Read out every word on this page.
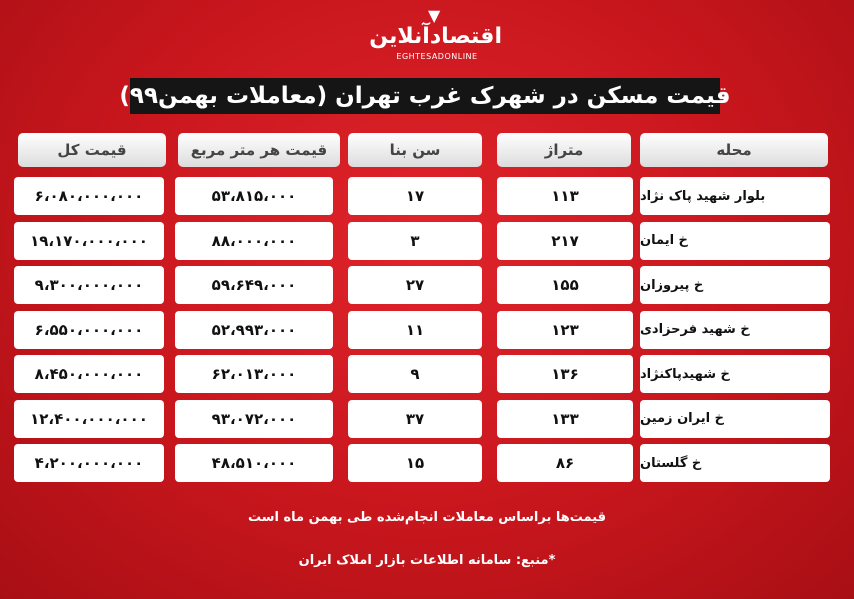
▼
اقتصادآنلاین
EGHTESADONLINE
قیمت مسکن در شهرک غرب تهران (معاملات بهمن۹۹)
محله
متراژ
سن بنا
قیمت هر متر مربع
قیمت کل
بلوار شهید پاک نژاد
۱۱۳
۱۷
۵۳،۸۱۵،۰۰۰
۶،۰۸۰،۰۰۰،۰۰۰
خ ایمان
۲۱۷
۳
۸۸،۰۰۰،۰۰۰
۱۹،۱۷۰،۰۰۰،۰۰۰
خ پیروزان
۱۵۵
۲۷
۵۹،۶۴۹،۰۰۰
۹،۳۰۰،۰۰۰،۰۰۰
خ شهید فرحزادی
۱۲۳
۱۱
۵۲،۹۹۳،۰۰۰
۶،۵۵۰،۰۰۰،۰۰۰
خ شهیدپاکنژاد
۱۳۶
۹
۶۲،۰۱۳،۰۰۰
۸،۴۵۰،۰۰۰،۰۰۰
خ ایران زمین
۱۳۳
۳۷
۹۳،۰۷۲،۰۰۰
۱۲،۴۰۰،۰۰۰،۰۰۰
خ گلستان
۸۶
۱۵
۴۸،۵۱۰،۰۰۰
۴،۲۰۰،۰۰۰،۰۰۰
قیمت‌ها براساس معاملات انجام‌شده طی بهمن ماه است
*منبع: سامانه اطلاعات بازار املاک ایران
